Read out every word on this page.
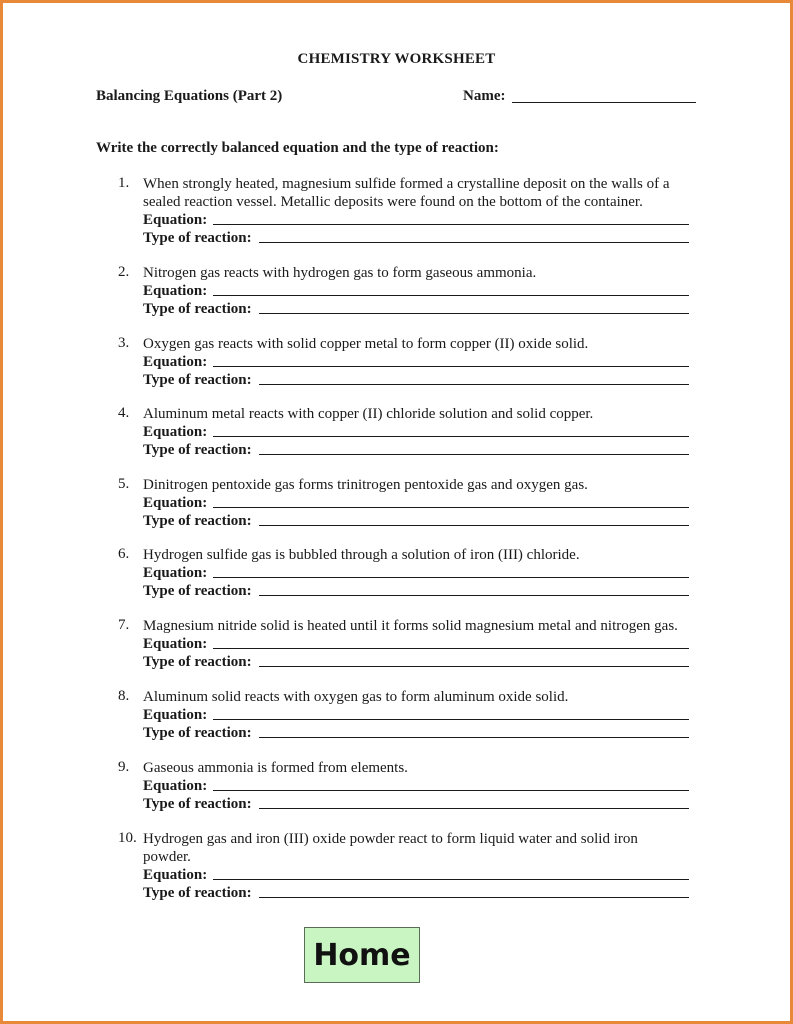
CHEMISTRY WORKSHEET
Balancing Equations (Part 2)	Name:
Write the correctly balanced equation and the type of reaction:
1. When strongly heated, magnesium sulfide formed a crystalline deposit on the walls of a sealed reaction vessel. Metallic deposits were found on the bottom of the container.
Equation:
Type of reaction:
2. Nitrogen gas reacts with hydrogen gas to form gaseous ammonia.
Equation:
Type of reaction:
3. Oxygen gas reacts with solid copper metal to form copper (II) oxide solid.
Equation:
Type of reaction:
4. Aluminum metal reacts with copper (II) chloride solution and solid copper.
Equation:
Type of reaction:
5. Dinitrogen pentoxide gas forms trinitrogen pentoxide gas and oxygen gas.
Equation:
Type of reaction:
6. Hydrogen sulfide gas is bubbled through a solution of iron (III) chloride.
Equation:
Type of reaction:
7. Magnesium nitride solid is heated until it forms solid magnesium metal and nitrogen gas.
Equation:
Type of reaction:
8. Aluminum solid reacts with oxygen gas to form aluminum oxide solid.
Equation:
Type of reaction:
9. Gaseous ammonia is formed from elements.
Equation:
Type of reaction:
10. Hydrogen gas and iron (III) oxide powder react to form liquid water and solid iron powder.
Equation:
Type of reaction:
Home
